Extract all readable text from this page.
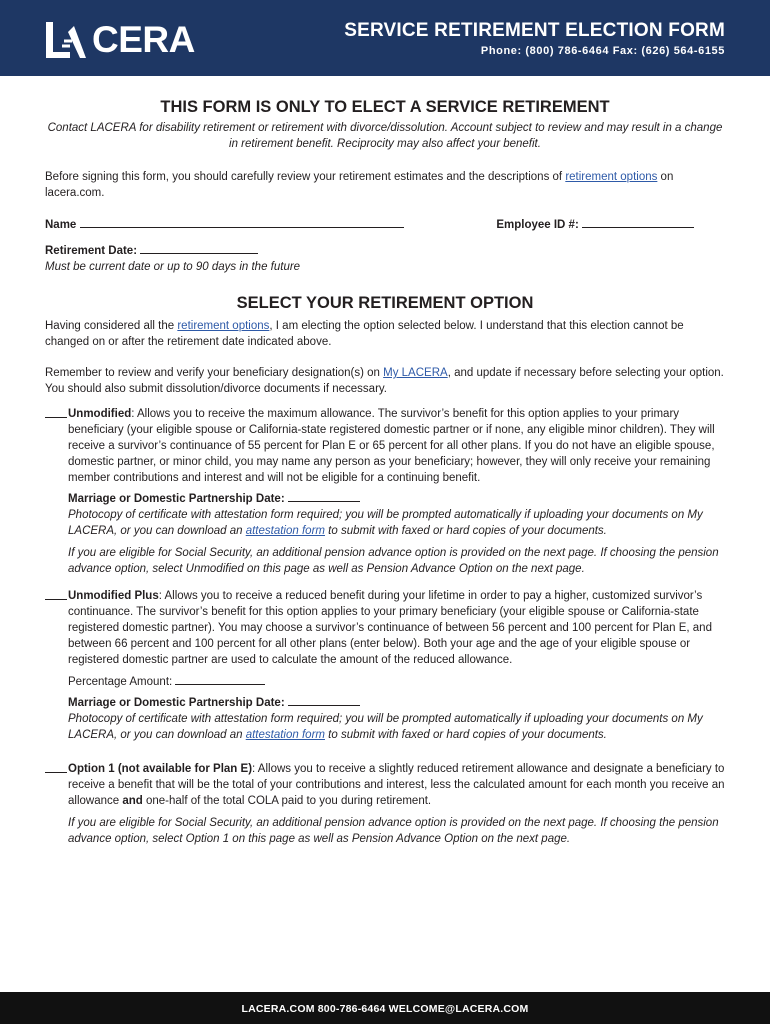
CERA	SERVICE RETIREMENT ELECTION FORM
Phone: (800) 786-6464 Fax: (626) 564-6155
THIS FORM IS ONLY TO ELECT A SERVICE RETIREMENT
Contact LACERA for disability retirement or retirement with divorce/dissolution. Account subject to review and may result in a change in retirement benefit. Reciprocity may also affect your benefit.

Before signing this form, you should carefully review your retirement estimates and the descriptions of retirement options on lacera.com.

Name	Employee ID #:
Retirement Date:

Must be current date or up to 90 days in the future

SELECT YOUR RETIREMENT OPTION

Having considered all the retirement options, I am electing the option selected below. I understand that this election cannot be changed on or after the retirement date indicated above.

Remember to review and verify your beneficiary designation(s) on My LACERA, and update if necessary before selecting your option. You should also submit dissolution/divorce documents if necessary.

Unmodified: Allows you to receive the maximum allowance. The survivor’s benefit for this option applies to your primary beneficiary (your eligible spouse or California-state registered domestic partner or if none, any eligible minor children). They will receive a survivor’s continuance of 55 percent for Plan E or 65 percent for all other plans. If you do not have an eligible spouse, domestic partner, or minor child, you may name any person as your beneficiary; however, they will only receive your remaining member contributions and interest and will not be eligible for a continuing benefit.

Marriage or Domestic Partnership Date:

Photocopy of certificate with attestation form required; you will be prompted automatically if uploading your documents on My LACERA, or you can download an attestation form to submit with faxed or hard copies of your documents.

If you are eligible for Social Security, an additional pension advance option is provided on the next page. If choosing the pension advance option, select Unmodified on this page as well as Pension Advance Option on the next page.

Unmodified Plus: Allows you to receive a reduced benefit during your lifetime in order to pay a higher, customized survivor’s continuance. The survivor’s benefit for this option applies to your primary beneficiary (your eligible spouse or California-state registered domestic partner). You may choose a survivor’s continuance of between 56 percent and 100 percent for Plan E, and between 66 percent and 100 percent for all other plans (enter below). Both your age and the age of your eligible spouse or registered domestic partner are used to calculate the amount of the reduced allowance.

Percentage Amount:

Marriage or Domestic Partnership Date:

Photocopy of certificate with attestation form required; you will be prompted automatically if uploading your documents on My LACERA, or you can download an attestation form to submit with faxed or hard copies of your documents.

Option 1 (not available for Plan E): Allows you to receive a slightly reduced retirement allowance and designate a beneficiary to receive a benefit that will be the total of your contributions and interest, less the calculated amount for each month you receive an allowance and one-half of the total COLA paid to you during retirement.

If you are eligible for Social Security, an additional pension advance option is provided on the next page. If choosing the pension advance option, select Option 1 on this page as well as Pension Advance Option on the next page.

LACERA.COM 800-786-6464 WELCOME@LACERA.COM
